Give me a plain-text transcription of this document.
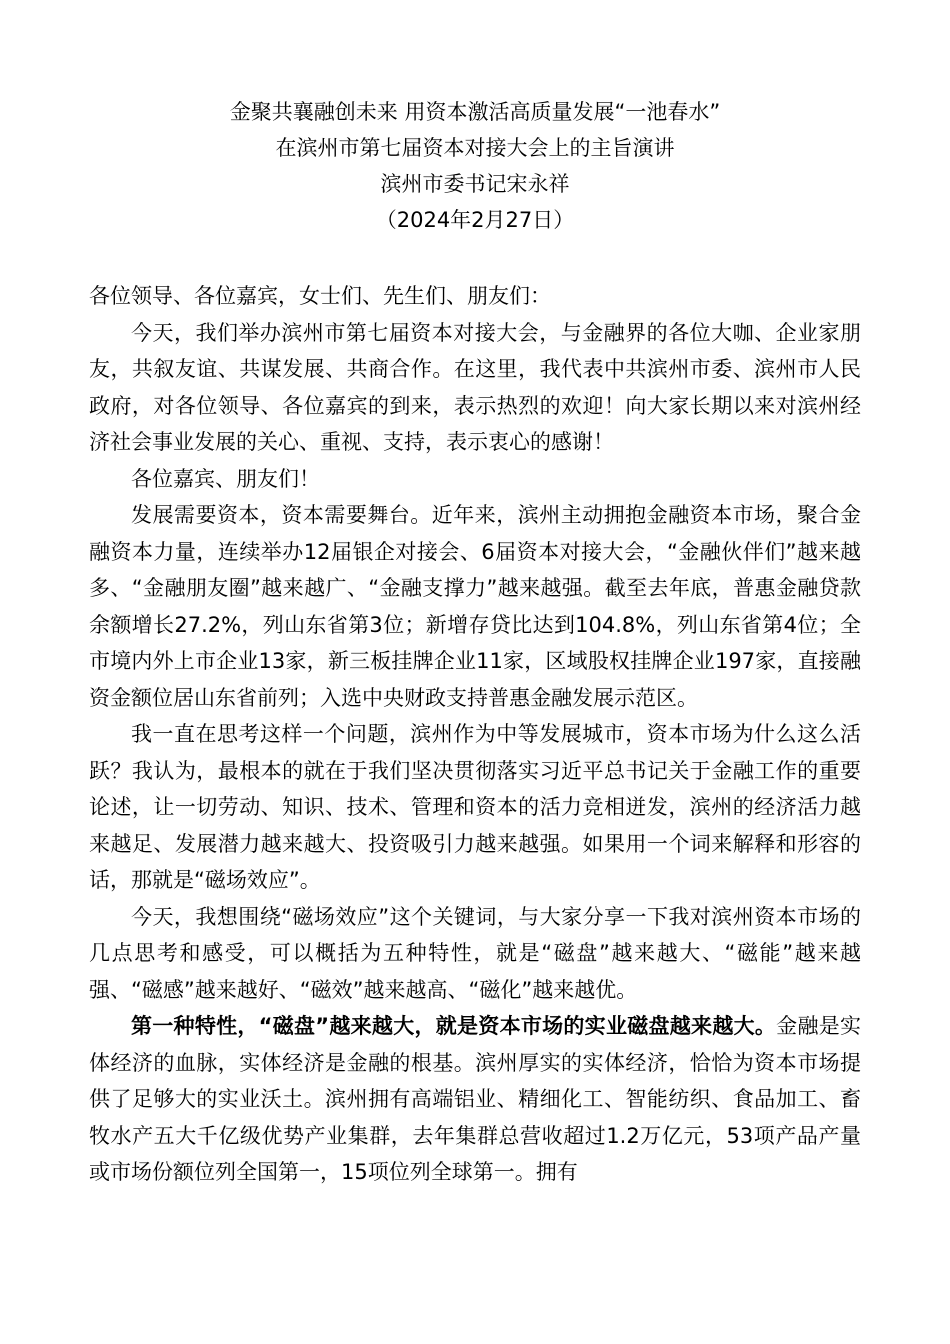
金聚共襄融创未来 用资本激活高质量发展“一池春水”
在滨州市第七届资本对接大会上的主旨演讲
滨州市委书记宋永祥
（2024年2月27日）

各位领导、各位嘉宾，女士们、先生们、朋友们：

今天，我们举办滨州市第七届资本对接大会，与金融界的各位大咖、企业家朋友，共叙友谊、共谋发展、共商合作。在这里，我代表中共滨州市委、滨州市人民政府，对各位领导、各位嘉宾的到来，表示热烈的欢迎！向大家长期以来对滨州经济社会事业发展的关心、重视、支持，表示衷心的感谢！

各位嘉宾、朋友们！

发展需要资本，资本需要舞台。近年来，滨州主动拥抱金融资本市场，聚合金融资本力量，连续举办12届银企对接会、6届资本对接大会，“金融伙伴们”越来越多、“金融朋友圈”越来越广、“金融支撑力”越来越强。截至去年底，普惠金融贷款余额增长27.2%，列山东省第3位；新增存贷比达到104.8%，列山东省第4位；全市境内外上市企业13家，新三板挂牌企业11家，区域股权挂牌企业197家，直接融资金额位居山东省前列；入选中央财政支持普惠金融发展示范区。

我一直在思考这样一个问题，滨州作为中等发展城市，资本市场为什么这么活跃？我认为，最根本的就在于我们坚决贯彻落实习近平总书记关于金融工作的重要论述，让一切劳动、知识、技术、管理和资本的活力竞相迸发，滨州的经济活力越来越足、发展潜力越来越大、投资吸引力越来越强。如果用一个词来解释和形容的话，那就是“磁场效应”。

今天，我想围绕“磁场效应”这个关键词，与大家分享一下我对滨州资本市场的几点思考和感受，可以概括为五种特性，就是“磁盘”越来越大、“磁能”越来越强、“磁感”越来越好、“磁效”越来越高、“磁化”越来越优。

第一种特性，“磁盘”越来越大，就是资本市场的实业磁盘越来越大。金融是实体经济的血脉，实体经济是金融的根基。滨州厚实的实体经济，恰恰为资本市场提供了足够大的实业沃土。滨州拥有高端铝业、精细化工、智能纺织、食品加工、畜牧水产五大千亿级优势产业集群，去年集群总营收超过1.2万亿元，53项产品产量或市场份额位列全国第一，15项位列全球第一。拥有
